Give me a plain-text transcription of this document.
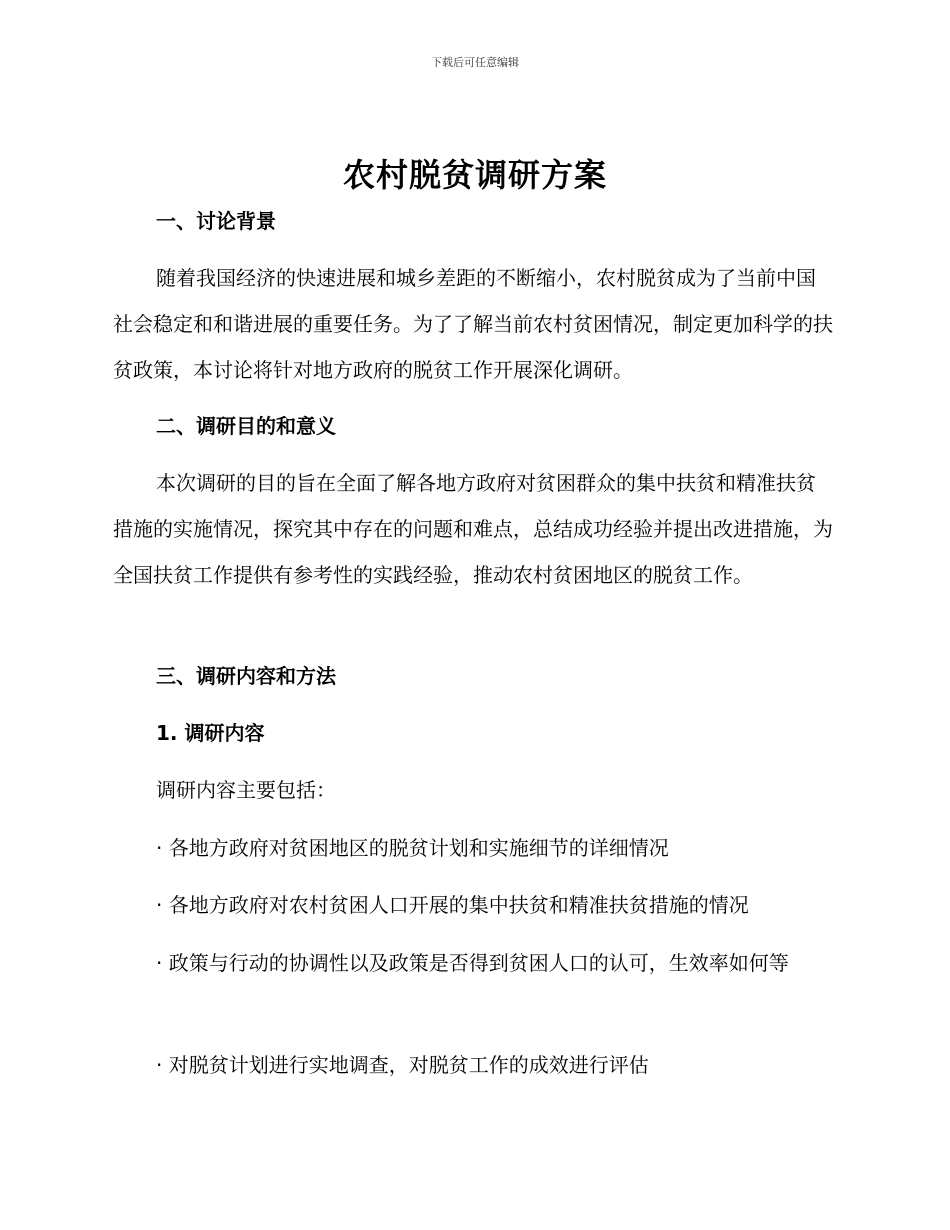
下载后可任意编辑
农村脱贫调研方案
一、讨论背景
随着我国经济的快速进展和城乡差距的不断缩小，农村脱贫成为了当前中国社会稳定和和谐进展的重要任务。为了了解当前农村贫困情况，制定更加科学的扶贫政策，本讨论将针对地方政府的脱贫工作开展深化调研。
二、调研目的和意义
本次调研的目的旨在全面了解各地方政府对贫困群众的集中扶贫和精准扶贫措施的实施情况，探究其中存在的问题和难点，总结成功经验并提出改进措施，为全国扶贫工作提供有参考性的实践经验，推动农村贫困地区的脱贫工作。
三、调研内容和方法
1. 调研内容
调研内容主要包括：
· 各地方政府对贫困地区的脱贫计划和实施细节的详细情况
· 各地方政府对农村贫困人口开展的集中扶贫和精准扶贫措施的情况
· 政策与行动的协调性以及政策是否得到贫困人口的认可，生效率如何等
· 对脱贫计划进行实地调查，对脱贫工作的成效进行评估
